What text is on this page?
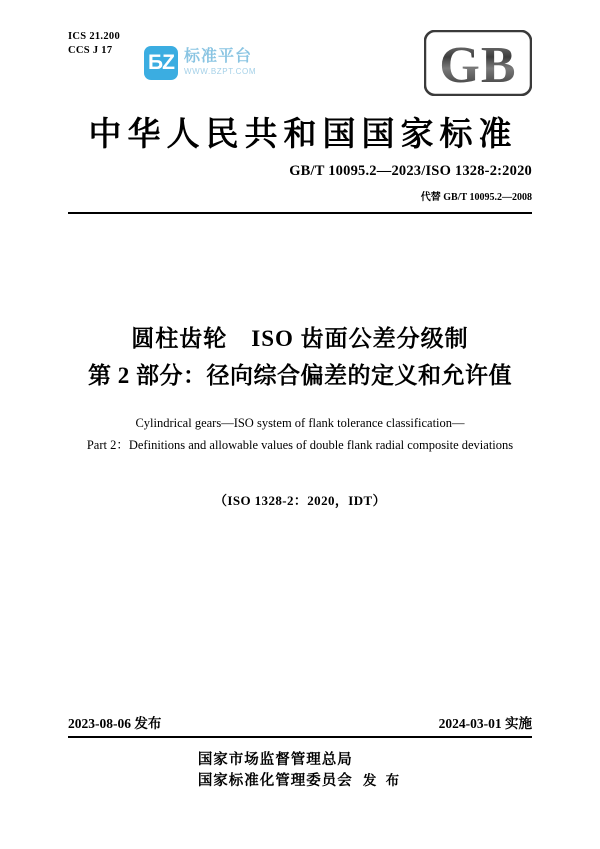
ICS 21.200
CCS J 17
БZ 标准平台
WWW.BZPT.COM	GB
中华人民共和国国家标准
GB/T 10095.2—2023/ISO 1328-2:2020
代替 GB/T 10095.2—2008
圆柱齿轮　ISO 齿面公差分级制
第 2 部分：径向综合偏差的定义和允许值
Cylindrical gears—ISO system of flank tolerance classification—
Part 2：Definitions and allowable values of double flank radial composite deviations
（ISO 1328-2：2020，IDT）
2023-08-06 发布	2024-03-01 实施
国家市场监督管理总局
国家标准化管理委员会 发 布
